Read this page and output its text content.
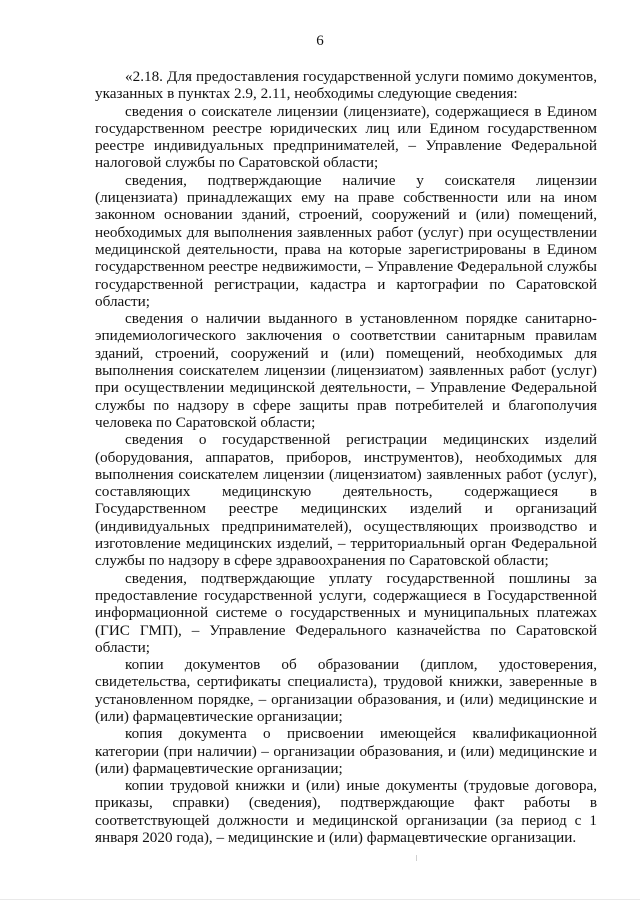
6

«2.18. Для предоставления государственной услуги помимо документов, указанных в пунктах 2.9, 2.11, необходимы следующие сведения:

сведения о соискателе лицензии (лицензиате), содержащиеся в Едином государственном реестре юридических лиц или Едином государственном реестре индивидуальных предпринимателей, – Управление Федеральной налоговой службы по Саратовской области;

сведения, подтверждающие наличие у соискателя лицензии (лицензиата) принадлежащих ему на праве собственности или на ином законном основании зданий, строений, сооружений и (или) помещений, необходимых для выполнения заявленных работ (услуг) при осуществлении медицинской деятельности, права на которые зарегистрированы в Едином государственном реестре недвижимости, – Управление Федеральной службы государственной регистрации, кадастра и картографии по Саратовской области;

сведения о наличии выданного в установленном порядке санитарно-эпидемиологического заключения о соответствии санитарным правилам зданий, строений, сооружений и (или) помещений, необходимых для выполнения соискателем лицензии (лицензиатом) заявленных работ (услуг) при осуществлении медицинской деятельности, – Управление Федеральной службы по надзору в сфере защиты прав потребителей и благополучия человека по Саратовской области;

сведения о государственной регистрации медицинских изделий (оборудования, аппаратов, приборов, инструментов), необходимых для выполнения соискателем лицензии (лицензиатом) заявленных работ (услуг), составляющих медицинскую деятельность, содержащиеся в Государственном реестре медицинских изделий и организаций (индивидуальных предпринимателей), осуществляющих производство и изготовление медицинских изделий, – территориальный орган Федеральной службы по надзору в сфере здравоохранения по Саратовской области;

сведения, подтверждающие уплату государственной пошлины за предоставление государственной услуги, содержащиеся в Государственной информационной системе о государственных и муниципальных платежах (ГИС ГМП), – Управление Федерального казначейства по Саратовской области;

копии документов об образовании (диплом, удостоверения, свидетельства, сертификаты специалиста), трудовой книжки, заверенные в установленном порядке, – организации образования, и (или) медицинские и (или) фармацевтические организации;

копия документа о присвоении имеющейся квалификационной категории (при наличии) – организации образования, и (или) медицинские и (или) фармацевтические организации;

копии трудовой книжки и (или) иные документы (трудовые договора, приказы, справки) (сведения), подтверждающие факт работы в соответствующей должности и медицинской организации (за период с 1 января 2020 года), – медицинские и (или) фармацевтические организации.
